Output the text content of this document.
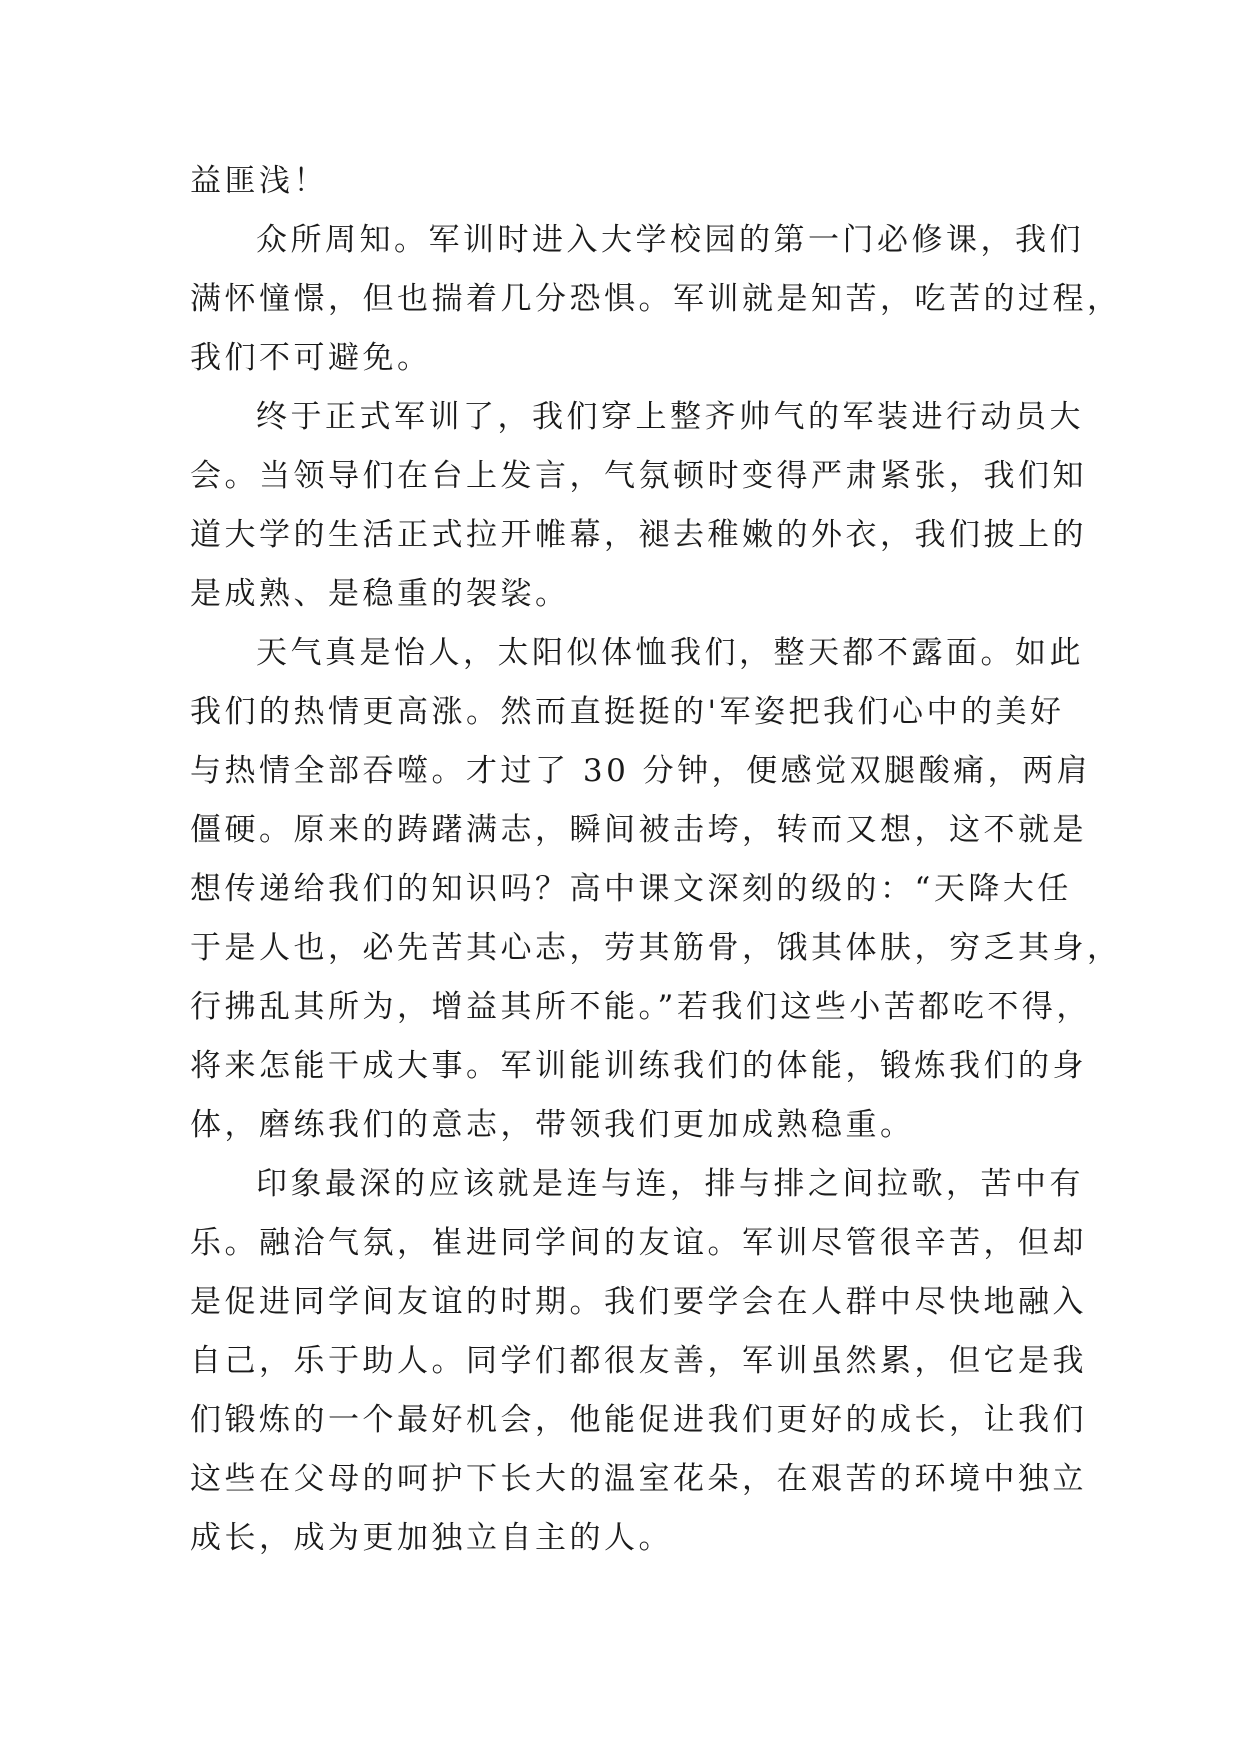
益匪浅！
众所周知。军训时进入大学校园的第一门必修课，我们
满怀憧憬，但也揣着几分恐惧。军训就是知苦，吃苦的过程，
我们不可避免。
终于正式军训了，我们穿上整齐帅气的军装进行动员大
会。当领导们在台上发言，气氛顿时变得严肃紧张，我们知
道大学的生活正式拉开帷幕，褪去稚嫩的外衣，我们披上的
是成熟、是稳重的袈裟。
天气真是怡人，太阳似体恤我们，整天都不露面。如此
我们的热情更高涨。然而直挺挺的'军姿把我们心中的美好
与热情全部吞噬。才过了 30 分钟，便感觉双腿酸痛，两肩
僵硬。原来的踌躇满志，瞬间被击垮，转而又想，这不就是
想传递给我们的知识吗？高中课文深刻的级的：“天降大任
于是人也，必先苦其心志，劳其筋骨，饿其体肤，穷乏其身，
行拂乱其所为，增益其所不能。”若我们这些小苦都吃不得，
将来怎能干成大事。军训能训练我们的体能，锻炼我们的身
体，磨练我们的意志，带领我们更加成熟稳重。
印象最深的应该就是连与连，排与排之间拉歌，苦中有
乐。融洽气氛，崔进同学间的友谊。军训尽管很辛苦，但却
是促进同学间友谊的时期。我们要学会在人群中尽快地融入
自己，乐于助人。同学们都很友善，军训虽然累，但它是我
们锻炼的一个最好机会，他能促进我们更好的成长，让我们
这些在父母的呵护下长大的温室花朵，在艰苦的环境中独立
成长，成为更加独立自主的人。
